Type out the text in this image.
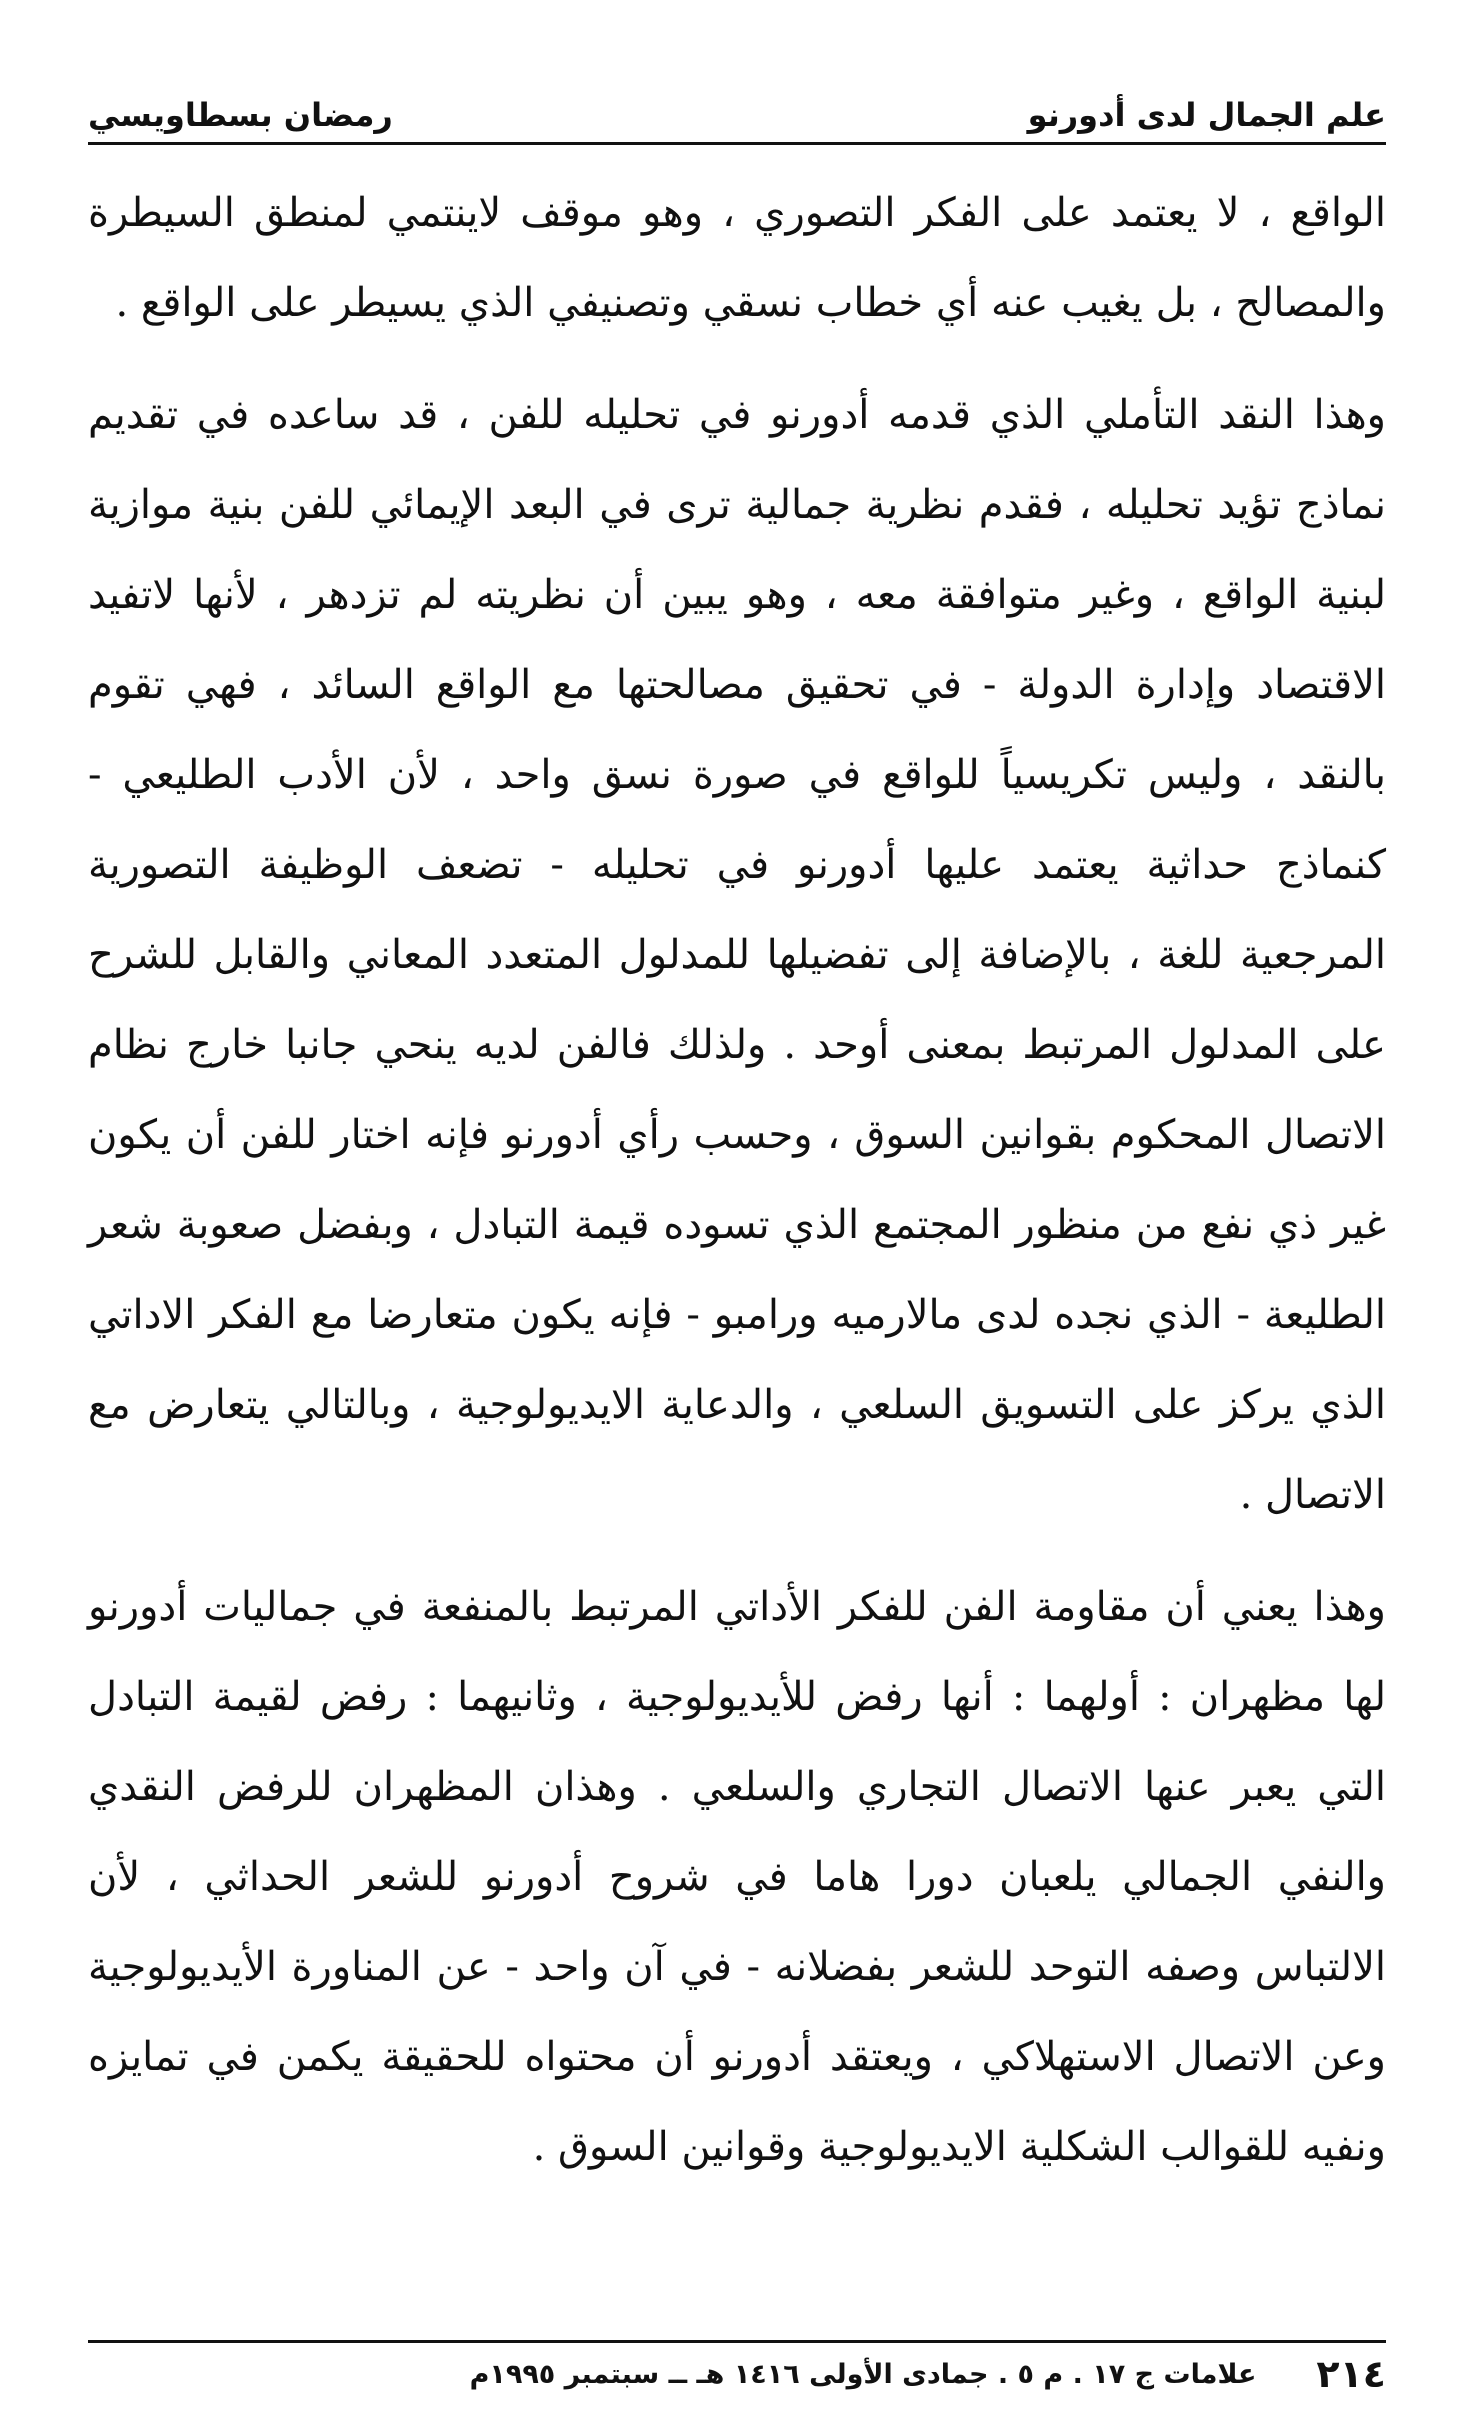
علم الجمال لدى أدورنو
رمضان بسطاويسي

الواقع ، لا يعتمد على الفكر التصوري ، وهو موقف لاينتمي لمنطق السيطرة والمصالح ، بل يغيب عنه أي خطاب نسقي وتصنيفي الذي يسيطر على الواقع .

وهذا النقد التأملي الذي قدمه أدورنو في تحليله للفن ، قد ساعده في تقديم نماذج تؤيد تحليله ، فقدم نظرية جمالية ترى في البعد الإيمائي للفن بنية موازية لبنية الواقع ، وغير متوافقة معه ، وهو يبين أن نظريته لم تزدهر ، لأنها لاتفيد الاقتصاد وإدارة الدولة - في تحقيق مصالحتها مع الواقع السائد ، فهي تقوم بالنقد ، وليس تكريسياً للواقع في صورة نسق واحد ، لأن الأدب الطليعي - كنماذج حداثية يعتمد عليها أدورنو في تحليله - تضعف الوظيفة التصورية المرجعية للغة ، بالإضافة إلى تفضيلها للمدلول المتعدد المعاني والقابل للشرح على المدلول المرتبط بمعنى أوحد . ولذلك فالفن لديه ينحي جانبا خارج نظام الاتصال المحكوم بقوانين السوق ، وحسب رأي أدورنو فإنه اختار للفن أن يكون غير ذي نفع من منظور المجتمع الذي تسوده قيمة التبادل ، وبفضل صعوبة شعر الطليعة - الذي نجده لدى مالارميه ورامبو - فإنه يكون متعارضا مع الفكر الاداتي الذي يركز على التسويق السلعي ، والدعاية الايديولوجية ، وبالتالي يتعارض مع الاتصال .

وهذا يعني أن مقاومة الفن للفكر الأداتي المرتبط بالمنفعة في جماليات أدورنو لها مظهران : أولهما : أنها رفض للأيديولوجية ، وثانيهما : رفض لقيمة التبادل التي يعبر عنها الاتصال التجاري والسلعي . وهذان المظهران للرفض النقدي والنفي الجمالي يلعبان دورا هاما في شروح أدورنو للشعر الحداثي ، لأن الالتباس وصفه التوحد للشعر بفضلانه - في آن واحد - عن المناورة الأيديولوجية وعن الاتصال الاستهلاكي ، ويعتقد أدورنو أن محتواه للحقيقة يكمن في تمايزه ونفيه للقوالب الشكلية الايديولوجية وقوانين السوق .

٢١٤
علامات ج ١٧ . م ٥ . جمادى الأولى ١٤١٦ هـ ــ سبتمبر ١٩٩٥م
